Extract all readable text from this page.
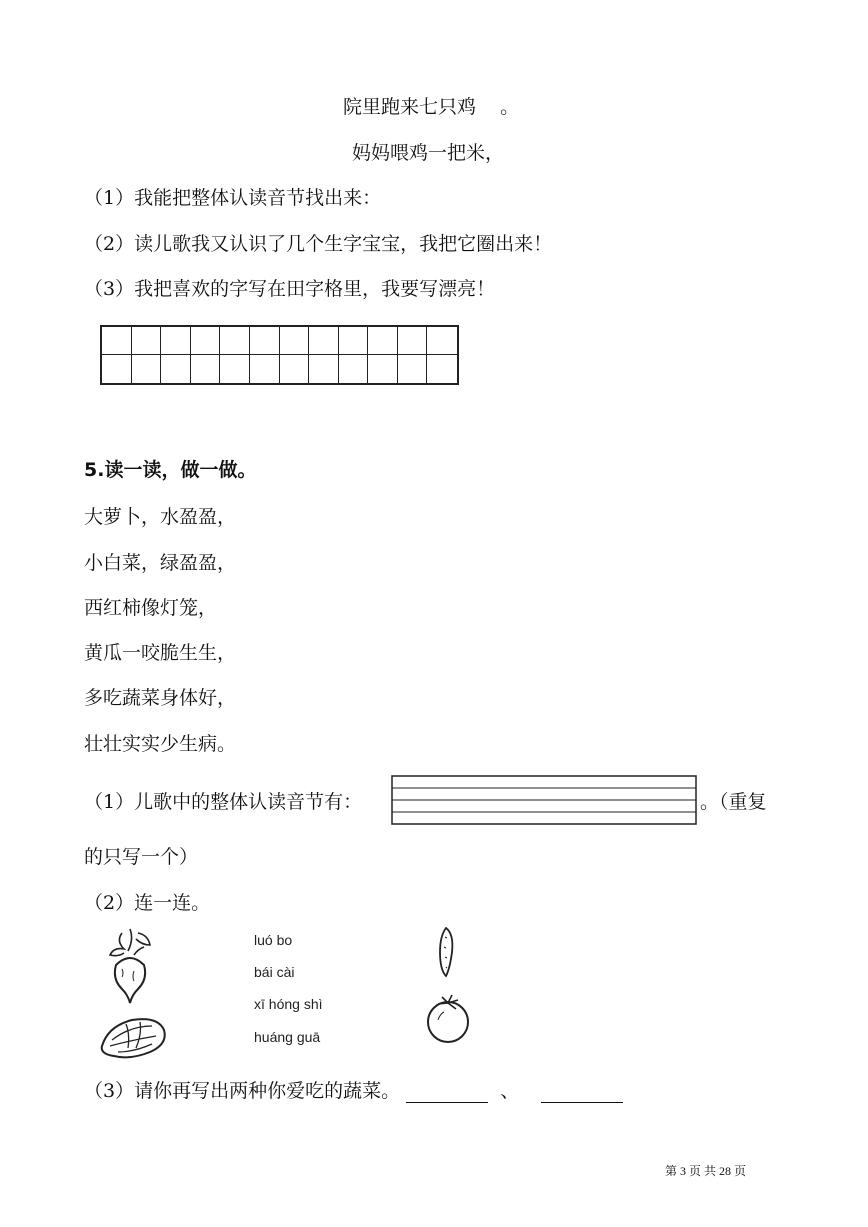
院里跑来七只鸡 。
妈妈喂鸡一把米，
（1）我能把整体认读音节找出来：
（2）读儿歌我又认识了几个生字宝宝，我把它圈出来！
（3）我把喜欢的字写在田字格里，我要写漂亮！
5.读一读，做一做。
大萝卜，水盈盈，
小白菜，绿盈盈，
西红柿像灯笼，
黄瓜一咬脆生生，
多吃蔬菜身体好，
壮壮实实少生病。
（1）儿歌中的整体认读音节有：	。（重复
的只写一个）
（2）连一连。
luó bo
bái cài
xī hóng shì
huáng guā
（3）请你再写出两种你爱吃的蔬菜。	、
第 3 页 共 28 页
